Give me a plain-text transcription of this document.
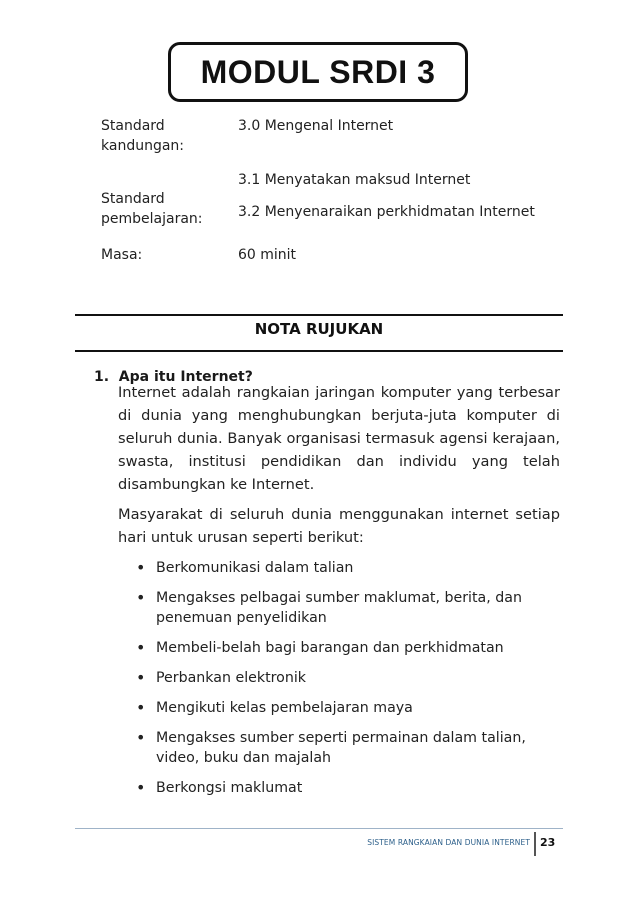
MODUL SRDI 3
Standard kandungan:
3.0 Mengenal Internet
Standard pembelajaran:
3.1 Menyatakan maksud Internet
3.2 Menyenaraikan perkhidmatan Internet
Masa:	60 minit
NOTA RUJUKAN
1.  Apa itu Internet?
Internet adalah rangkaian jaringan komputer yang terbesar
di dunia yang menghubungkan berjuta-juta komputer di
seluruh dunia. Banyak organisasi termasuk agensi kerajaan,
swasta, institusi pendidikan dan individu yang telah
disambungkan ke Internet.
Masyarakat di seluruh dunia menggunakan internet setiap
hari untuk urusan seperti berikut:
• Berkomunikasi dalam talian
• Mengakses pelbagai sumber maklumat, berita, dan penemuan penyelidikan
• Membeli-belah bagi barangan dan perkhidmatan
• Perbankan elektronik
• Mengikuti kelas pembelajaran maya
• Mengakses sumber seperti permainan dalam talian, video, buku dan majalah
• Berkongsi maklumat
SISTEM RANGKAIAN DAN DUNIA INTERNET 23
